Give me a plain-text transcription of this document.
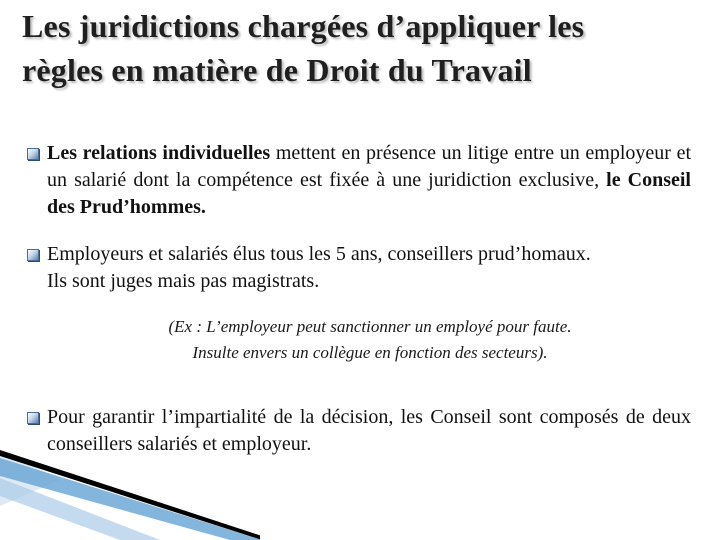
Les juridictions chargées d’appliquer les
règles en matière de Droit du Travail
Les relations individuelles mettent en présence un litige entre un employeur et un salarié dont la compétence est fixée à une juridiction exclusive, le Conseil des Prud’hommes.
Employeurs et salariés élus tous les 5 ans, conseillers prud’homaux.
Ils sont juges mais pas magistrats.
(Ex : L’employeur peut sanctionner un employé pour faute.
Insulte envers un collègue en fonction des secteurs).
Pour garantir l’impartialité de la décision, les Conseil sont composés de deux conseillers salariés et employeur.
